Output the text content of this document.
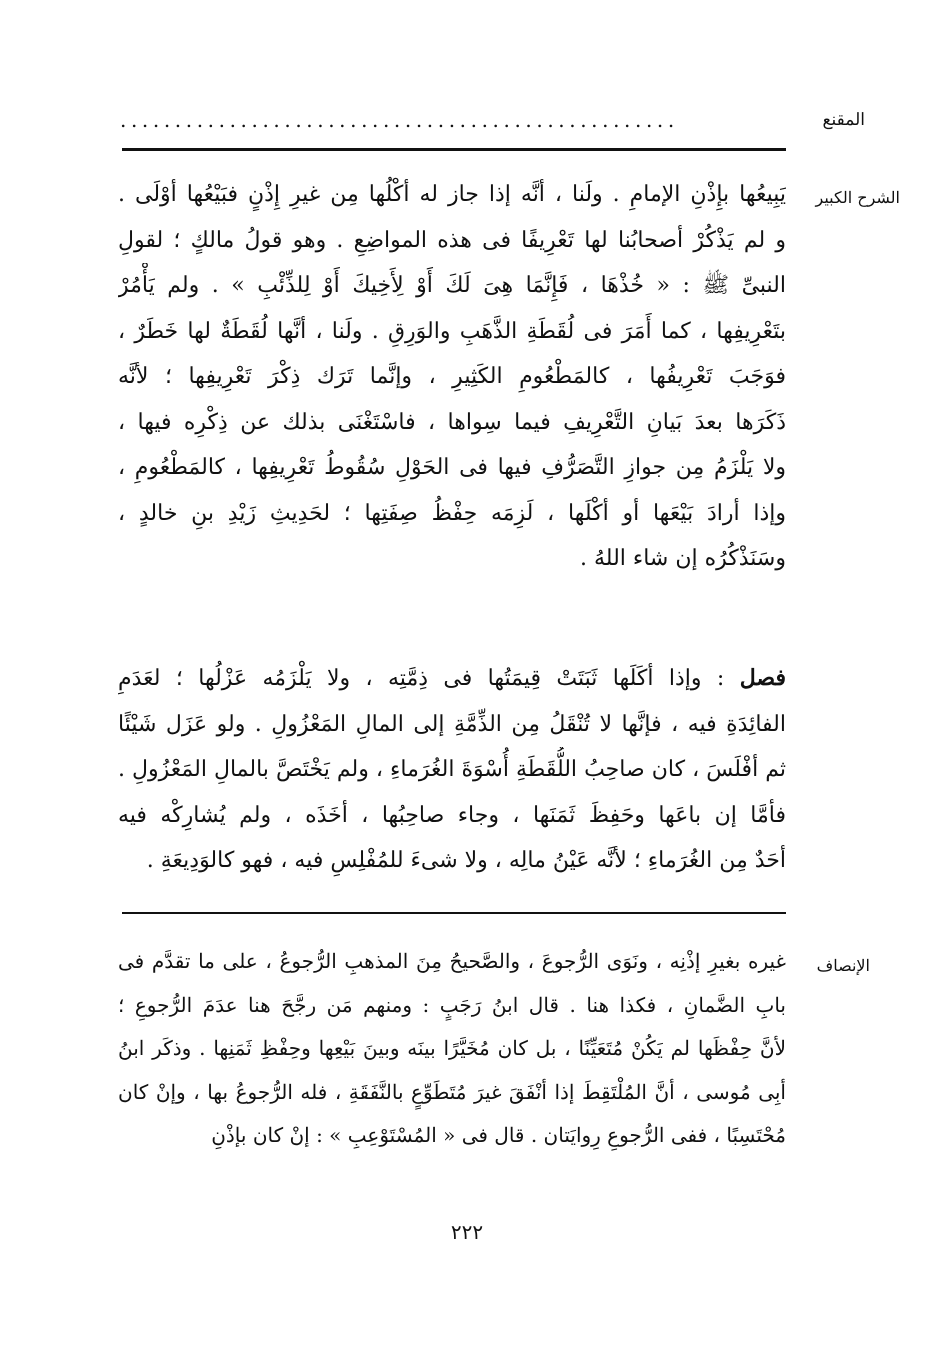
المقنع
...................................................
الشرح الكبير
يَبِيعُها بإِذْنِ الإمامِ . ولَنا ، أنَّه إذا جاز له أكْلُها مِن غيرِ إِذْنٍ فبَيْعُها أوْلَى .
و لم يَذْكُرْ أصحابُنا لها تَعْرِيفًا فى هذه المواضِعِ . وهو قولُ مالكٍ ؛ لقولِ
النبىِّ ﷺ : « خُذْهَا ، فَإِنَّمَا هِىَ لَكَ أَوْ لِأَخِيكَ أَوْ لِلذِّئْبِ » . ولم يَأْمُرْ
بتَعْرِيفِها ، كما أَمَرَ فى لُقَطَةِ الذَّهَبِ والوَرِقِ . ولَنا ، أنَّها لُقَطَةٌ لها خَطَرٌ ،
فوَجَبَ تَعْرِيفُها ، كالمَطْعُومِ الكَثِيرِ ، وإنَّما تَرَك ذِكْرَ تَعْرِيفِها ؛ لأنَّه
ذَكَرَها بعدَ بَيانِ التَّعْرِيفِ فيما سِواها ، فاسْتَغْنَى بذلك عن ذِكْرِه فيها ،
ولا يَلْزَمُ مِن جوازِ التَّصَرُّفِ فيها فى الحَوْلِ سُقُوطُ تَعْرِيفِها ، كالمَطْعُومِ ،
وإذا أرادَ بَيْعَها أو أكْلَها ، لَزِمَه حِفْظُ صِفَتِها ؛ لحَدِيثِ زَيْدِ بنِ خالدٍ ،
وسَنَذْكُرُه إن شاء اللهُ .
فصل : وإذا أكَلَها ثَبَتَتْ قِيمَتُها فى ذِمَّتِه ، ولا يَلْزَمُه عَزْلُها ؛ لعَدَمِ
الفائِدَةِ فيه ، فإنَّها لا تُنْقَلُ مِن الذِّمَّةِ إلى المالِ المَعْزُولِ . ولو عَزَل شَيْئًا
ثم أفْلَسَ ، كان صاحِبُ اللُّقَطَةِ أُسْوَةَ الغُرَماءِ ، ولم يَخْتَصَّ بالمالِ المَعْزُولِ .
فأمَّا إن باعَها وحَفِظَ ثَمَنَها ، وجاء صاحِبُها ، أخَذَه ، ولم يُشارِكْه فيه
أحَدٌ مِن الغُرَماءِ ؛ لأنَّه عَيْنُ مالِه ، ولا شىءَ للمُفْلِسِ فيه ، فهو كالوَدِيعَةِ .
الإنصاف
غيره بغيرِ إذْنِه ، ونَوَى الرُّجوعَ ، والصَّحيحُ مِنَ المذهبِ الرُّجوعُ ، على ما تقدَّم فى
بابِ الضَّمانِ ، فكذا هنا . قال ابنُ رَجَبٍ : ومنهم مَن رجَّحَ هنا عدَمَ الرُّجوعِ ؛
لأنَّ حِفْظَها لم يَكُنْ مُتَعَيِّنًا ، بل كان مُخَيَّرًا بينَه وبينَ بَيْعِها وحِفْظِ ثَمَنِها . وذكَر ابنُ
أبِى مُوسى ، أنَّ المُلْتَقِطَ إذا أنْفَقَ غيرَ مُتَطَوِّعٍ بالنَّفَقَةِ ، فله الرُّجوعُ بها ، وإنْ كان
مُحْتَسِبًا ، ففى الرُّجوعِ رِوايَتان . قال فى « المُسْتَوْعِبِ » : إنْ كان بإذْنِ
٢٢٢
